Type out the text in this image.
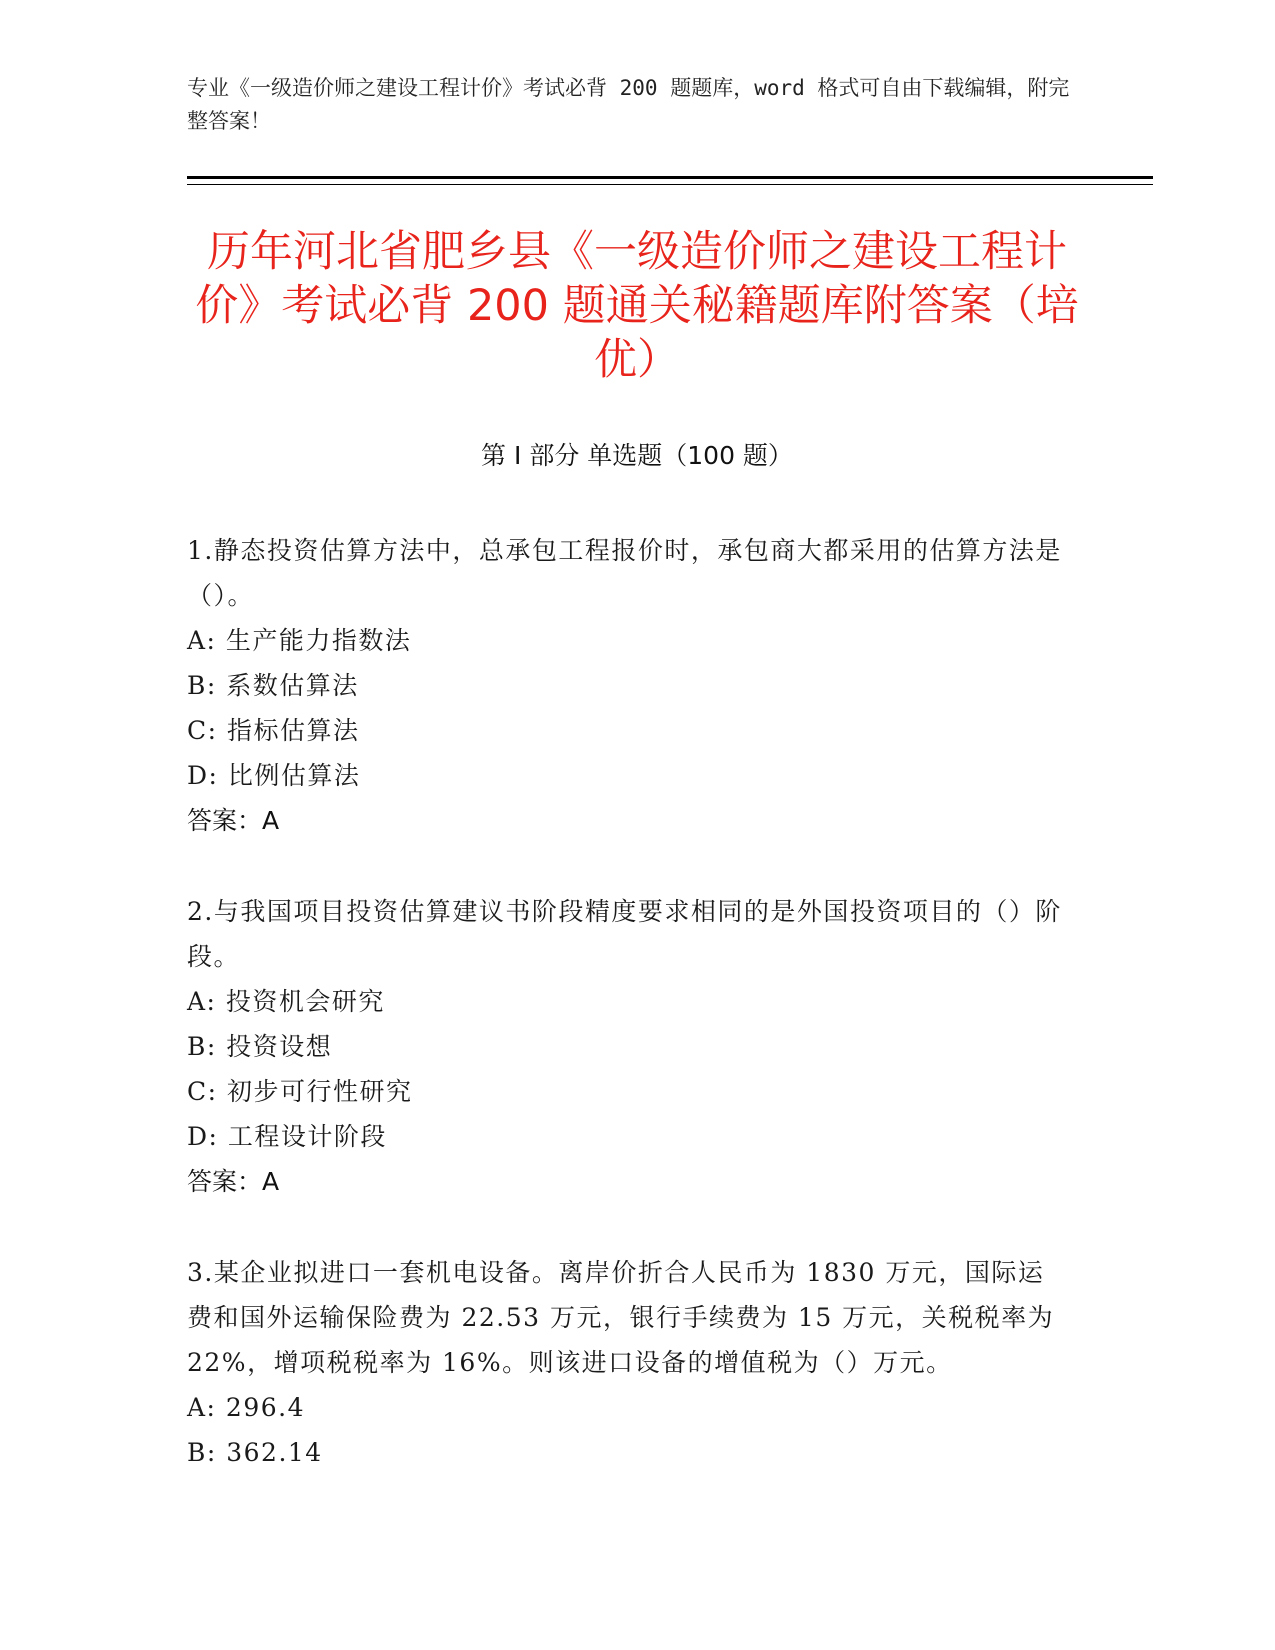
专业《一级造价师之建设工程计价》考试必背 200 题题库，word 格式可自由下载编辑，附完整答案！
历年河北省肥乡县《一级造价师之建设工程计价》考试必背 200 题通关秘籍题库附答案（培优）
第 I 部分 单选题（100 题）
1.静态投资估算方法中，总承包工程报价时，承包商大都采用的估算方法是（）。
A: 生产能力指数法
B: 系数估算法
C: 指标估算法
D: 比例估算法
答案：A
2.与我国项目投资估算建议书阶段精度要求相同的是外国投资项目的（）阶段。
A: 投资机会研究
B: 投资设想
C: 初步可行性研究
D: 工程设计阶段
答案：A
3.某企业拟进口一套机电设备。离岸价折合人民币为 1830 万元，国际运费和国外运输保险费为 22.53 万元，银行手续费为 15 万元，关税税率为 22%，增项税税率为 16%。则该进口设备的增值税为（）万元。
A: 296.4
B: 362.14
